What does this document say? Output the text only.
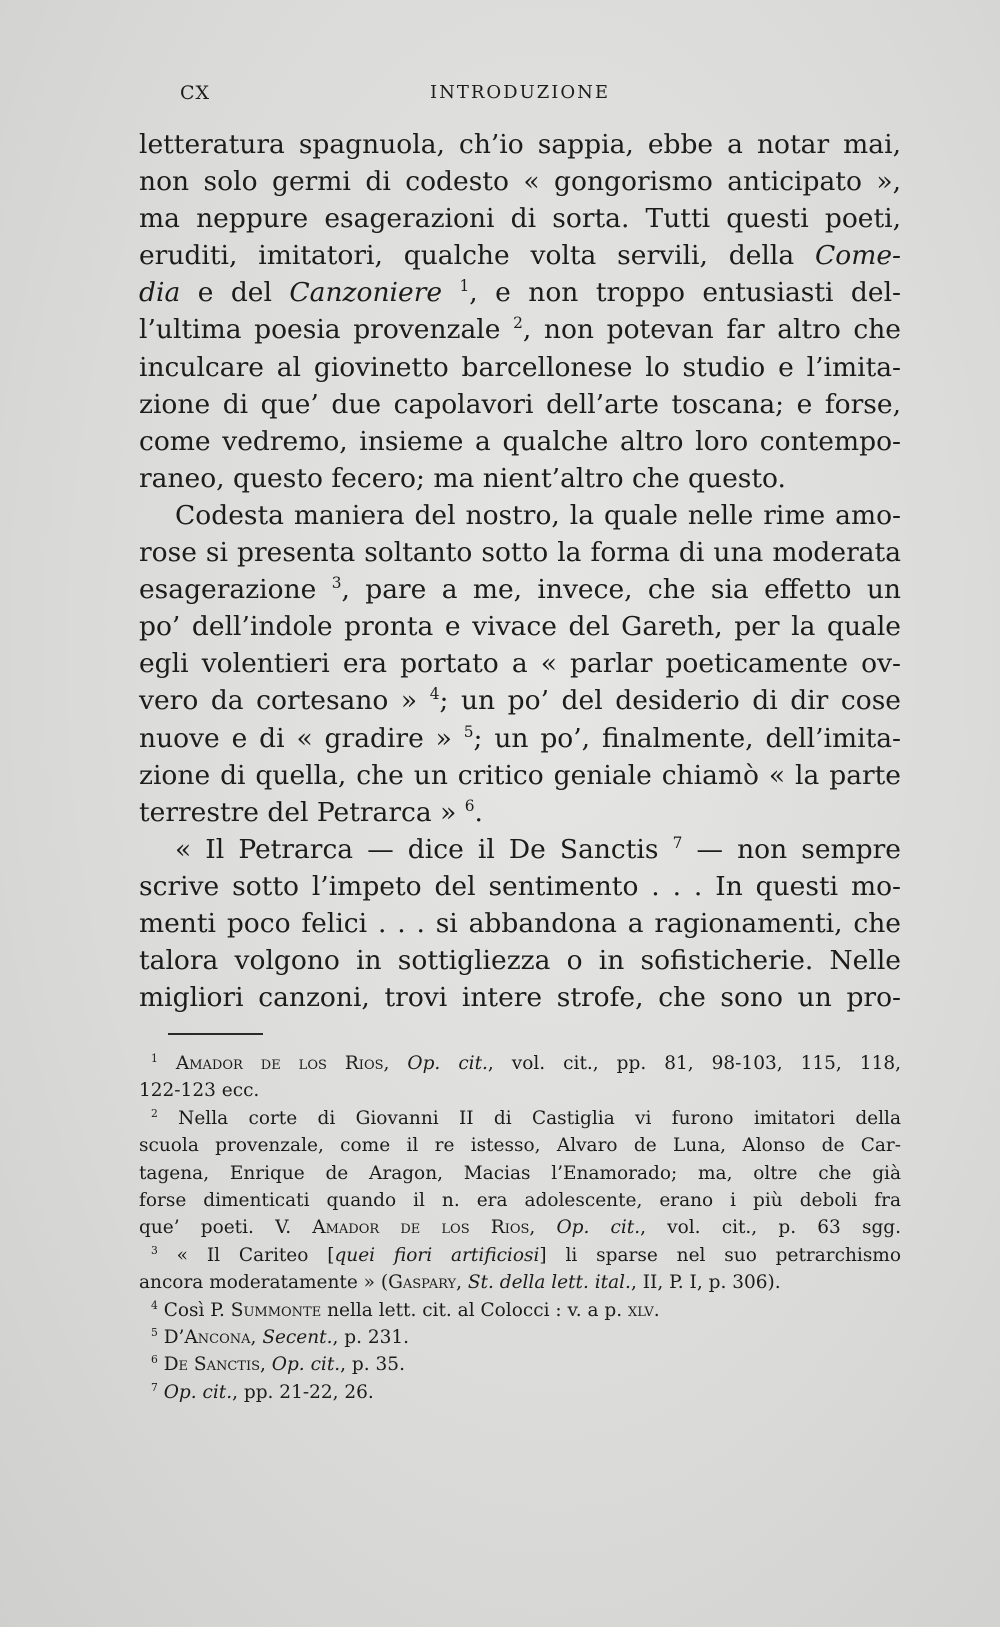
INTRODUZIONE
CX
letteratura spagnuola, ch’io sappia, ebbe a notar mai,
non solo germi di codesto « gongorismo anticipato »,
ma neppure esagerazioni di sorta. Tutti questi poeti,
eruditi, imitatori, qualche volta servili, della Come-
dia e del Canzoniere $^1$, e non troppo entusiasti del-
l’ultima poesia provenzale $^2$, non potevan far altro che
inculcare al giovinetto barcellonese lo studio e l’imita-
zione di que’ due capolavori dell’arte toscana; e forse,
come vedremo, insieme a qualche altro loro contempo-
raneo, questo fecero; ma nient’altro che questo.
Codesta maniera del nostro, la quale nelle rime amo-
rose si presenta soltanto sotto la forma di una moderata
esagerazione $^3$, pare a me, invece, che sia effetto un
po’ dell’indole pronta e vivace del Gareth, per la quale
egli volentieri era portato a « parlar poeticamente ov-
vero da cortesano » $^4$; un po’ del desiderio di dir cose
nuove e di « gradire » $^5$; un po’, finalmente, dell’imita-
zione di quella, che un critico geniale chiamò « la parte
terrestre del Petrarca » $^6$.
« Il Petrarca — dice il De Sanctis $^7$ — non sempre
scrive sotto l’impeto del sentimento . . . In questi mo-
menti poco felici . . . si abbandona a ragionamenti, che
talora volgono in sottigliezza o in sofisticherie. Nelle
migliori canzoni, trovi intere strofe, che sono un pro-
$^1$ Amador de los Rios, Op. cit., vol. cit., pp. 81, 98-103, 115, 118,
122-123 ecc.
$^2$ Nella corte di Giovanni II di Castiglia vi furono imitatori della
scuola provenzale, come il re istesso, Alvaro de Luna, Alonso de Car-
tagena, Enrique de Aragon, Macias l’Enamorado; ma, oltre che già
forse dimenticati quando il n. era adolescente, erano i più deboli fra
que’ poeti. V. Amador de los Rios, Op. cit., vol. cit., p. 63 sgg.
$^3$ « Il Cariteo [quei fiori artificiosi] li sparse nel suo petrarchismo
ancora moderatamente » (Gaspary, St. della lett. ital., II, P. I, p. 306).
$^4$ Così P. Summonte nella lett. cit. al Colocci : v. a p. xlv.
$^5$ D’Ancona, Secent., p. 231.
$^6$ De Sanctis, Op. cit., p. 35.
$^7$ Op. cit., pp. 21-22, 26.
